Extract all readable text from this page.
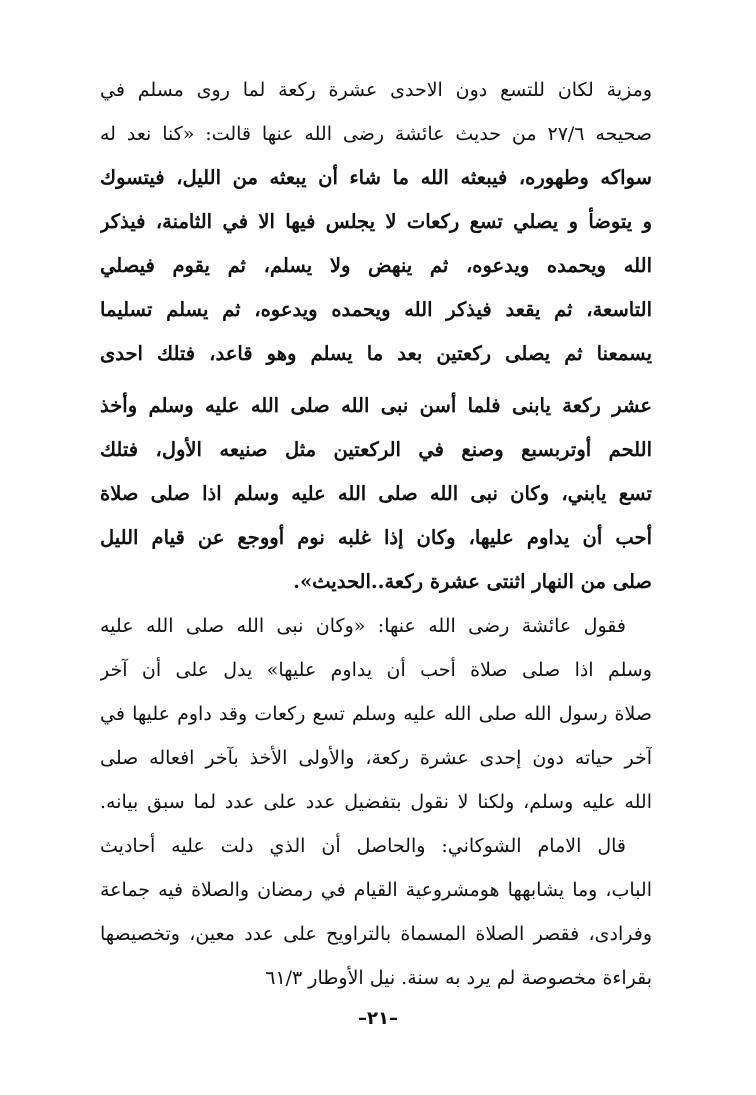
ومزية لكان للتسع دون الاحدى عشرة ركعة لما روى مسلم في
صحيحه ٢٧/٦ من حديث عائشة رضى الله عنها قالت: «كنا نعد له
سواكه وطهوره، فيبعثه الله ما شاء أن يبعثه من الليل، فيتسوك
و يتوضأ و يصلي تسع ركعات لا يجلس فيها الا في الثامنة، فيذكر
الله ويحمده ويدعوه، ثم ينهض ولا يسلم، ثم يقوم فيصلي
التاسعة، ثم يقعد فيذكر الله ويحمده ويدعوه، ثم يسلم تسليما
يسمعنا ثم يصلى ركعتين بعد ما يسلم وهو قاعد، فتلك احدى
عشر ركعة يابنى فلما أسن نبى الله صلى الله عليه وسلم وأخذ
اللحم أوتربسبع وصنع في الركعتين مثل صنيعه الأول، فتلك
تسع يابني، وكان نبى الله صلى الله عليه وسلم اذا صلى صلاة
أحب أن يداوم عليها، وكان إذا غلبه نوم أووجع عن قيام الليل
صلى من النهار اثنتى عشرة ركعة..الحديث».
فقول عائشة رضى الله عنها: «وكان نبى الله صلى الله عليه
وسلم اذا صلى صلاة أحب أن يداوم عليها» يدل على أن آخر
صلاة رسول الله صلى الله عليه وسلم تسع ركعات وقد داوم عليها في
آخر حياته دون إحدى عشرة ركعة، والأولى الأخذ بآخر افعاله صلى
الله عليه وسلم، ولكنا لا نقول بتفضيل عدد على عدد لما سبق بيانه.
قال الامام الشوكاني: والحاصل أن الذي دلت عليه أحاديث
الباب، وما يشابهها هومشروعية القيام في رمضان والصلاة فيه جماعة
وفرادى، فقصر الصلاة المسماة بالتراويح على عدد معين، وتخصيصها
بقراءة مخصوصة لم يرد به سنة. نيل الأوطار ٦١/٣
–٢١–
